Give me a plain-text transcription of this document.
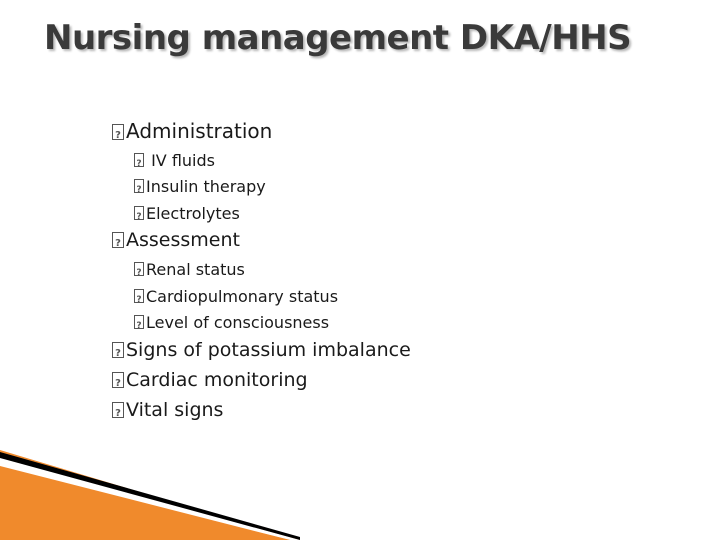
Nursing management DKA/HHS
?Administration
? IV fluids
?Insulin therapy
?Electrolytes
?Assessment
?Renal status
?Cardiopulmonary status
?Level of consciousness
?Signs of potassium imbalance
?Cardiac monitoring
?Vital signs
